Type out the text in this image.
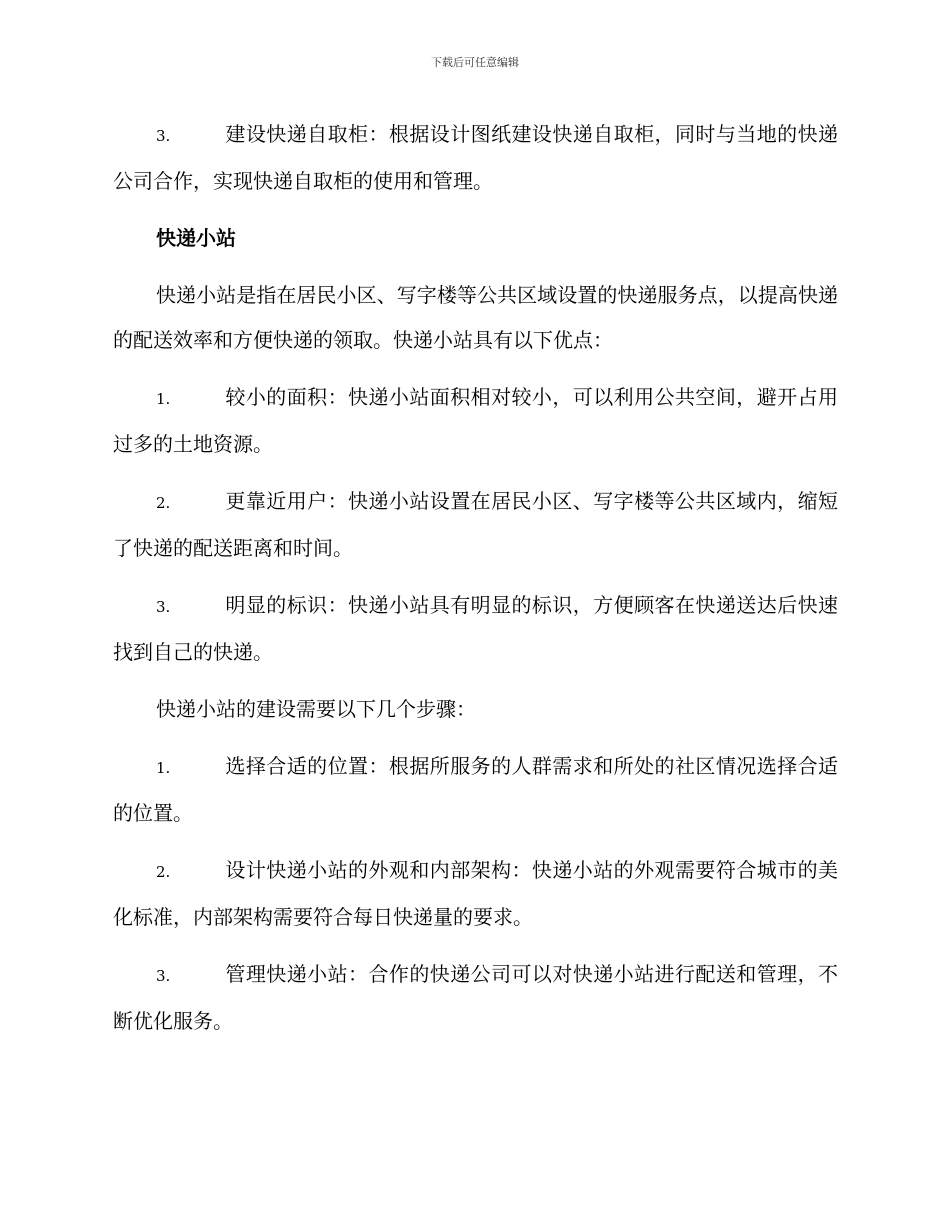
下载后可任意编辑

3.	建设快递自取柜：根据设计图纸建设快递自取柜，同时与当地的快递公司合作，实现快递自取柜的使用和管理。

快递小站

快递小站是指在居民小区、写字楼等公共区域设置的快递服务点，以提高快递的配送效率和方便快递的领取。快递小站具有以下优点：

1.	较小的面积：快递小站面积相对较小，可以利用公共空间，避开占用过多的土地资源。

2.	更靠近用户：快递小站设置在居民小区、写字楼等公共区域内，缩短了快递的配送距离和时间。

3.	明显的标识：快递小站具有明显的标识，方便顾客在快递送达后快速找到自己的快递。

快递小站的建设需要以下几个步骤：

1.	选择合适的位置：根据所服务的人群需求和所处的社区情况选择合适的位置。

2.	设计快递小站的外观和内部架构：快递小站的外观需要符合城市的美化标准，内部架构需要符合每日快递量的要求。

3.	管理快递小站：合作的快递公司可以对快递小站进行配送和管理，不断优化服务。
